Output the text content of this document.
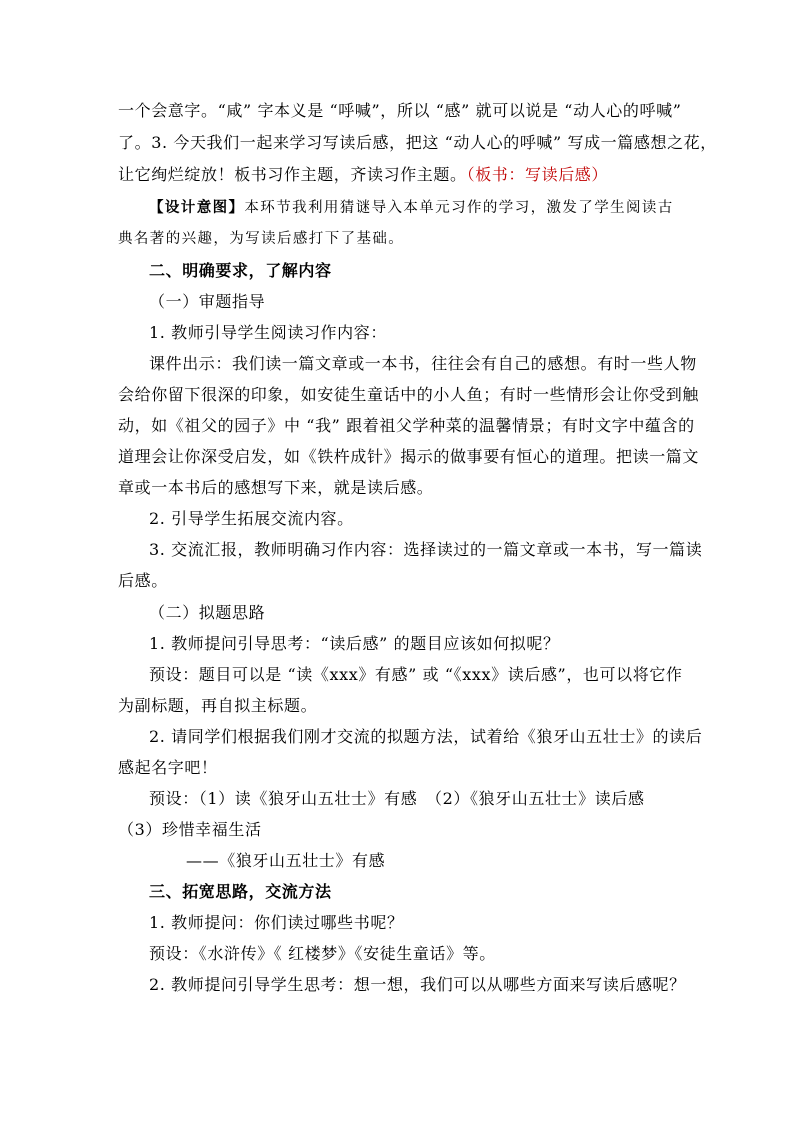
一个会意字。“咸” 字本义是 “呼喊”，所以 “感” 就可以说是 “动人心的呼喊”
了。3. 今天我们一起来学习写读后感，把这 “动人心的呼喊” 写成一篇感想之花，
让它绚烂绽放！板书习作主题，齐读习作主题。（板书：写读后感）
【设计意图】本环节我利用猜谜导入本单元习作的学习，激发了学生阅读古
典名著的兴趣，为写读后感打下了基础。
二、明确要求，了解内容
（一）审题指导
1. 教师引导学生阅读习作内容：
课件出示：我们读一篇文章或一本书，往往会有自己的感想。有时一些人物
会给你留下很深的印象，如安徒生童话中的小人鱼；有时一些情形会让你受到触
动，如《祖父的园子》中 “我” 跟着祖父学种菜的温馨情景；有时文字中蕴含的
道理会让你深受启发，如《铁杵成针》揭示的做事要有恒心的道理。把读一篇文
章或一本书后的感想写下来，就是读后感。
2. 引导学生拓展交流内容。
3. 交流汇报，教师明确习作内容：选择读过的一篇文章或一本书，写一篇读
后感。
（二）拟题思路
1. 教师提问引导思考：“读后感” 的题目应该如何拟呢？
预设：题目可以是 “读《xxx》有感” 或 “《xxx》读后感”，也可以将它作
为副标题，再自拟主标题。
2. 请同学们根据我们刚才交流的拟题方法，试着给《狼牙山五壮士》的读后
感起名字吧！
预设：（1）读《狼牙山五壮士》有感　（2）《狼牙山五壮士》读后感
（3）珍惜幸福生活
——《狼牙山五壮士》有感
三、拓宽思路，交流方法
1. 教师提问：你们读过哪些书呢？
预设：《水浒传》《 红楼梦》《安徒生童话》等。
2. 教师提问引导学生思考：想一想，我们可以从哪些方面来写读后感呢？
